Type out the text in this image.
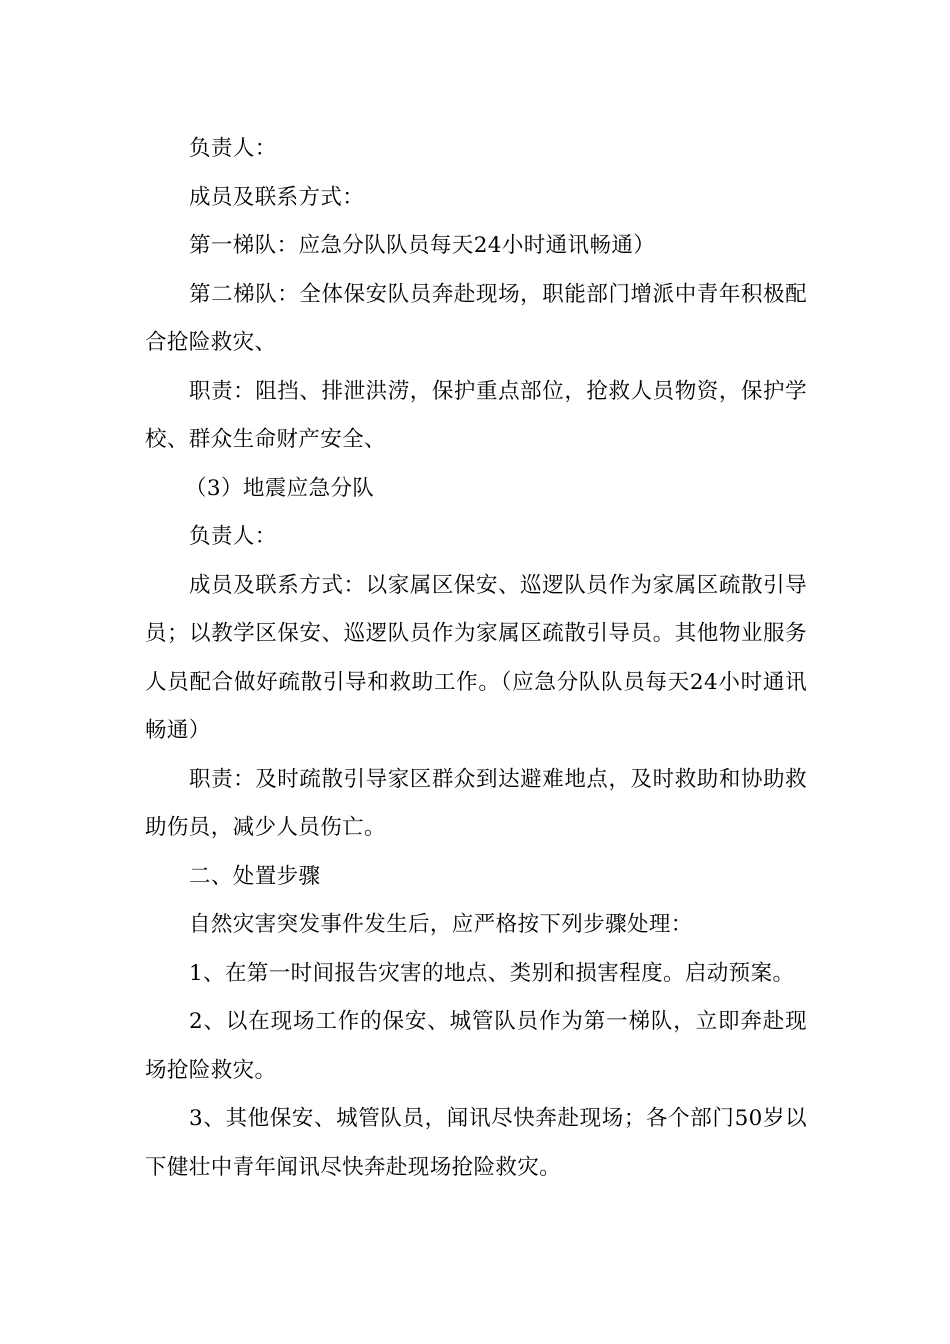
负责人：

成员及联系方式：

第一梯队：应急分队队员每天24小时通讯畅通）

第二梯队：全体保安队员奔赴现场，职能部门增派中青年积极配合抢险救灾、

职责：阻挡、排泄洪涝，保护重点部位，抢救人员物资，保护学校、群众生命财产安全、

（3）地震应急分队

负责人：

成员及联系方式：以家属区保安、巡逻队员作为家属区疏散引导员；以教学区保安、巡逻队员作为家属区疏散引导员。其他物业服务人员配合做好疏散引导和救助工作。（应急分队队员每天24小时通讯畅通）

职责：及时疏散引导家区群众到达避难地点，及时救助和协助救助伤员，减少人员伤亡。

二、处置步骤

自然灾害突发事件发生后，应严格按下列步骤处理：

1、在第一时间报告灾害的地点、类别和损害程度。启动预案。

2、以在现场工作的保安、城管队员作为第一梯队，立即奔赴现场抢险救灾。

3、其他保安、城管队员，闻讯尽快奔赴现场；各个部门50岁以下健壮中青年闻讯尽快奔赴现场抢险救灾。
